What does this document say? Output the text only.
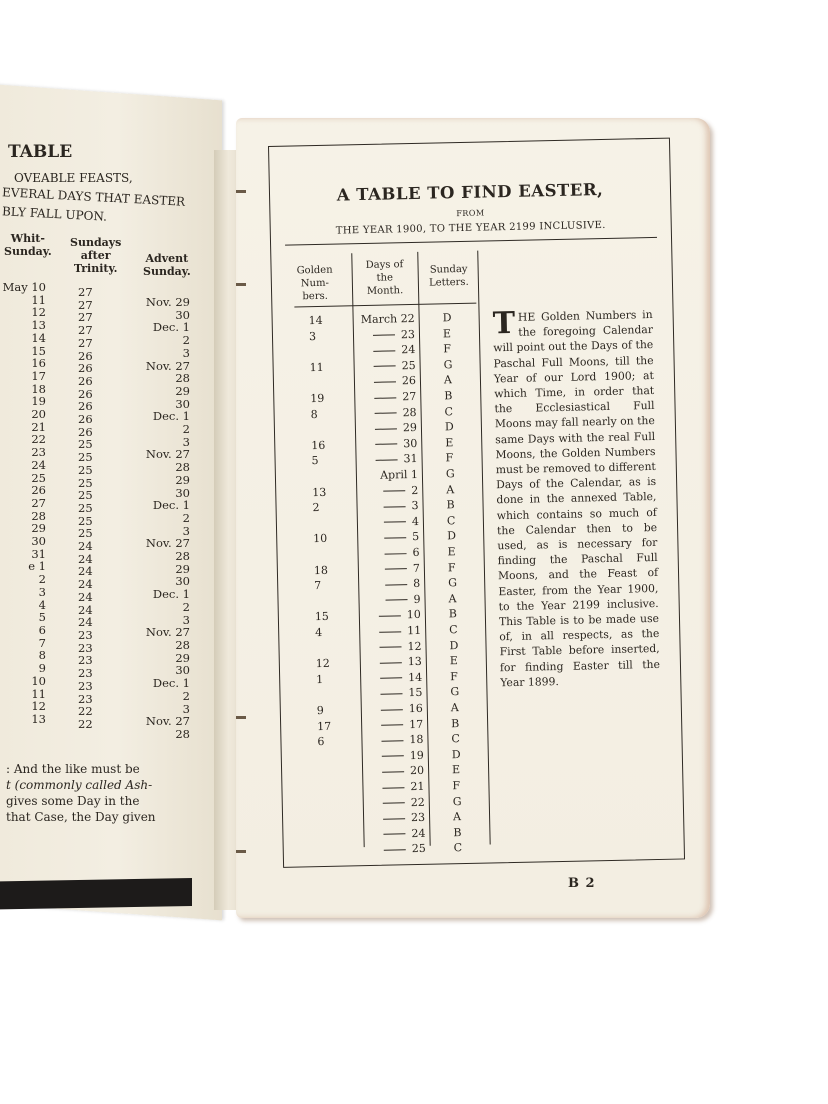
TABLE
OVEABLE FEASTS,
EVERAL DAYS THAT EASTER
BLY FALL UPON.
Whit-
Sunday.
Sundays
after
Trinity.
Advent
Sunday.
May 10
11
12
13
14
15
16
17
18
19
20
21
22
23
24
25
26
27
28
29
30
31
e 1
2
3
4
5
6
7
8
9
10
11
12
13
27
27
27
27
27
26
26
26
26
26
26
26
25
25
25
25
25
25
25
25
24
24
24
24
24
24
24
23
23
23
23
23
23
22
22
Nov. 29
30
Dec. 1
2
3
Nov. 27
28
29
30
Dec. 1
2
3
Nov. 27
28
29
30
Dec. 1
2
3
Nov. 27
28
29
30
Dec. 1
2
3
Nov. 27
28
29
30
Dec. 1
2
3
Nov. 27
28
: And the like must be
t (commonly called Ash-
gives some Day in the
that Case, the Day given
A TABLE TO FIND EASTER,
FROM
THE YEAR 1900, TO THE YEAR 2199 INCLUSIVE.
Golden
Num-
bers.
Days of
the
Month.
Sunday
Letters.
14
3
11
19
8
16
5
13
2
10
18
7
15
4
12
1
9
17
6
March 22
23
24
25
26
27
28
29
30
31
April 1
2
3
4
5
6
7
8
9
10
11
12
13
14
15
16
17
18
19
20
21
22
23
24
25
D
E
F
G
A
B
C
D
E
F
G
A
B
C
D
E
F
G
A
B
C
D
E
F
G
A
B
C
D
E
F
G
A
B
C
THE Golden Numbers in the foregoing Calendar will point out the Days of the Paschal Full Moons, till the Year of our Lord 1900; at which Time, in order that the Ecclesiastical Full Moons may fall nearly on the same Days with the real Full Moons, the Golden Numbers must be removed to different Days of the Calendar, as is done in the annexed Table, which contains so much of the Calendar then to be used, as is necessary for finding the Paschal Full Moons, and the Feast of Easter, from the Year 1900, to the Year 2199 inclusive. This Table is to be made use of, in all respects, as the First Table before inserted, for finding Easter till the Year 1899.
B 2
